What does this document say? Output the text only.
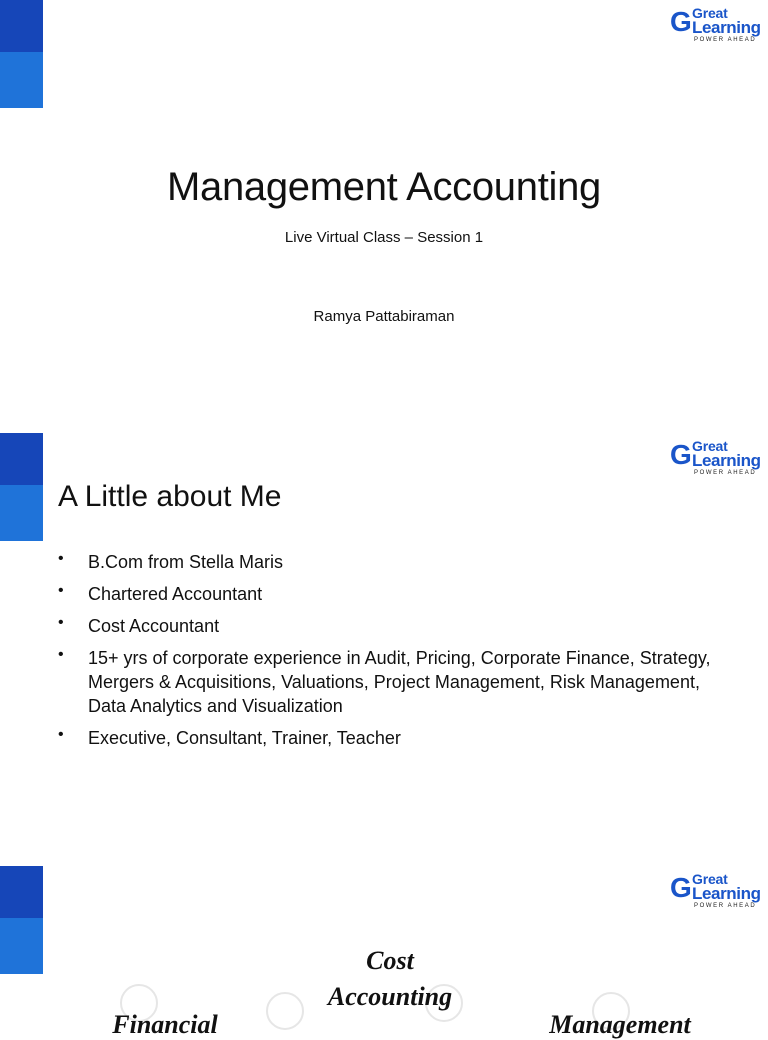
G Great
Learning
POWER AHEAD
Management Accounting
Live Virtual Class – Session 1
Ramya Pattabiraman
G Great
Learning
POWER AHEAD
A Little about Me
• B.Com from Stella Maris
• Chartered Accountant
• Cost Accountant
• 15+ yrs of corporate experience in Audit, Pricing, Corporate Finance, Strategy, Mergers & Acquisitions, Valuations, Project Management, Risk Management, Data Analytics and Visualization
• Executive, Consultant, Trainer, Teacher
G Great
Learning
POWER AHEAD
Cost
Accounting
Financial	Management
